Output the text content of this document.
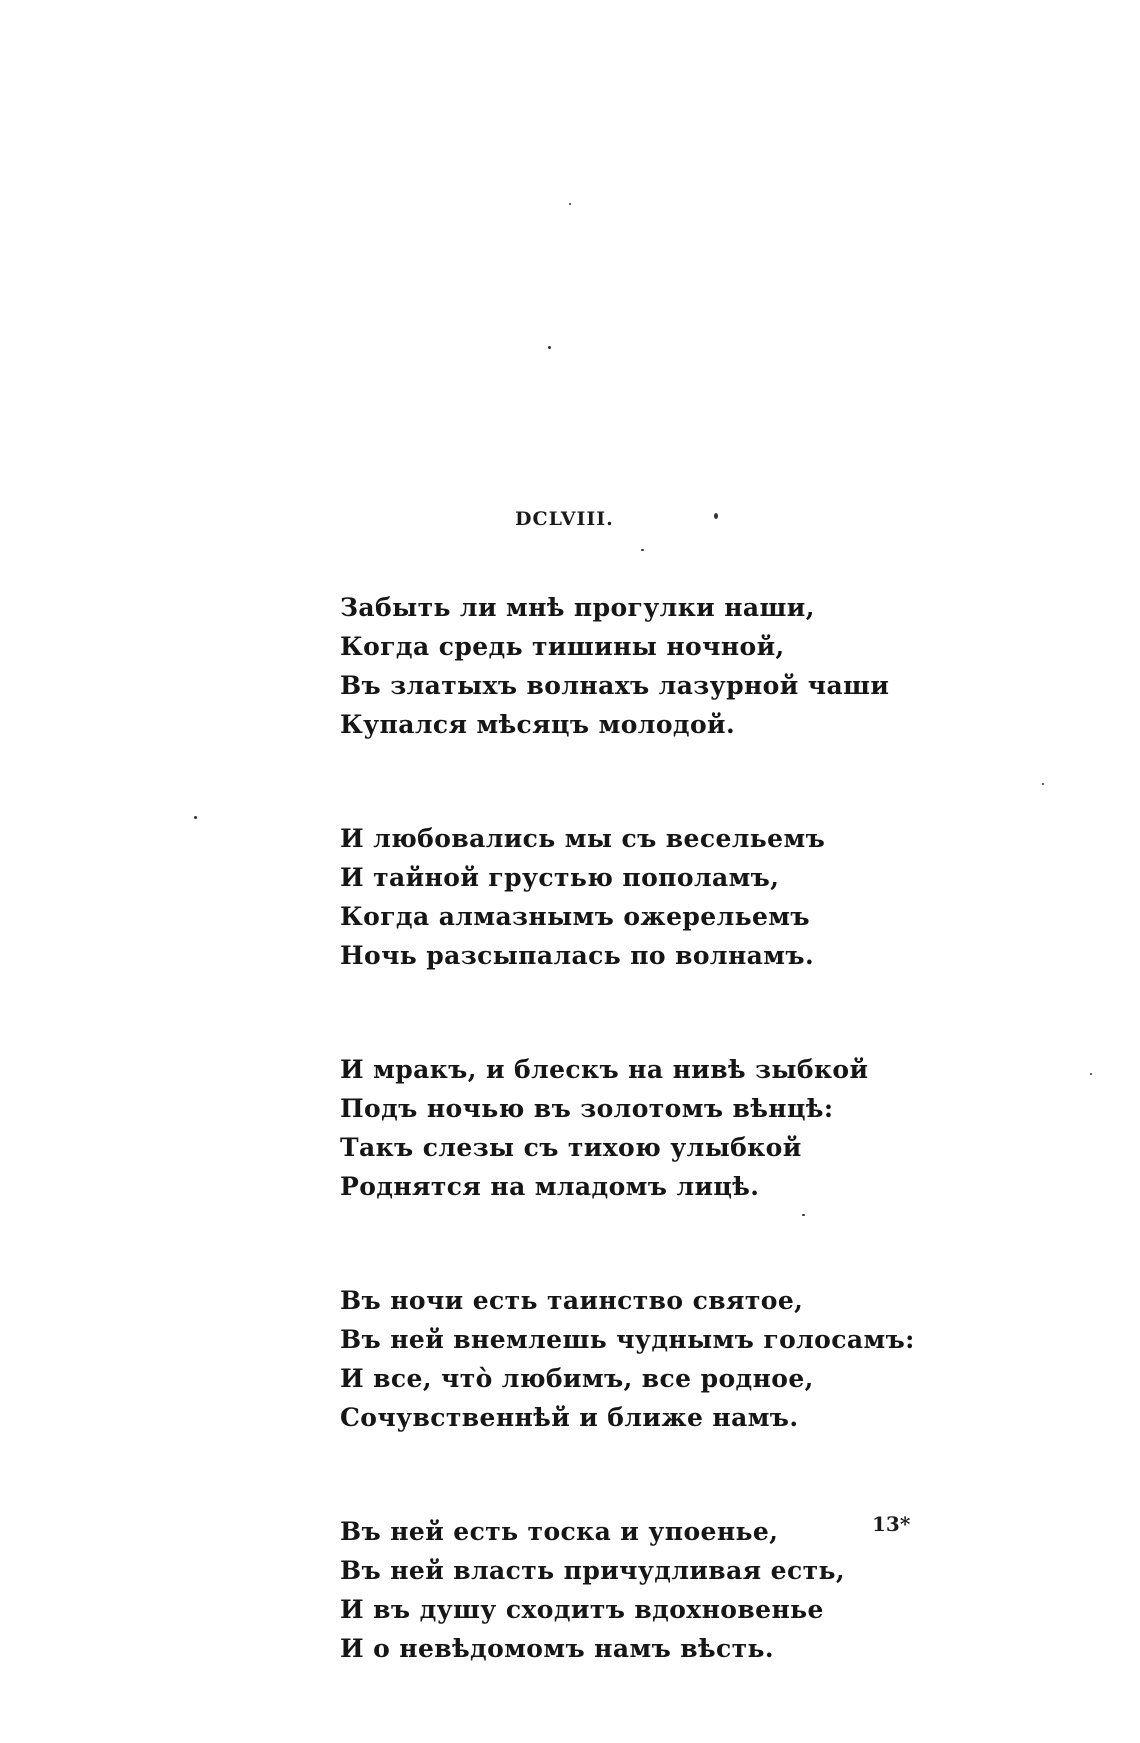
DCLVIII.
Забыть ли мнѣ прогулки наши,
Когда средь тишины ночной,
Въ златыхъ волнахъ лазурной чаши
Купался мѣсяцъ молодой.
И любовались мы съ весельемъ
И тайной грустью пополамъ,
Когда алмазнымъ ожерельемъ
Ночь разсыпалась по волнамъ.
И мракъ, и блескъ на нивѣ зыбкой
Подъ ночью въ золотомъ вѣнцѣ:
Такъ слезы съ тихою улыбкой
Роднятся на младомъ лицѣ.
Въ ночи есть таинство святое,
Въ ней внемлешь чуднымъ голосамъ:
И все, что̀ любимъ, все родное,
Сочувственнѣй и ближе намъ.
Въ ней есть тоска и упоенье,
Въ ней власть причудливая есть,
И въ душу сходитъ вдохновенье
И о невѣдомомъ намъ вѣсть.
13*
